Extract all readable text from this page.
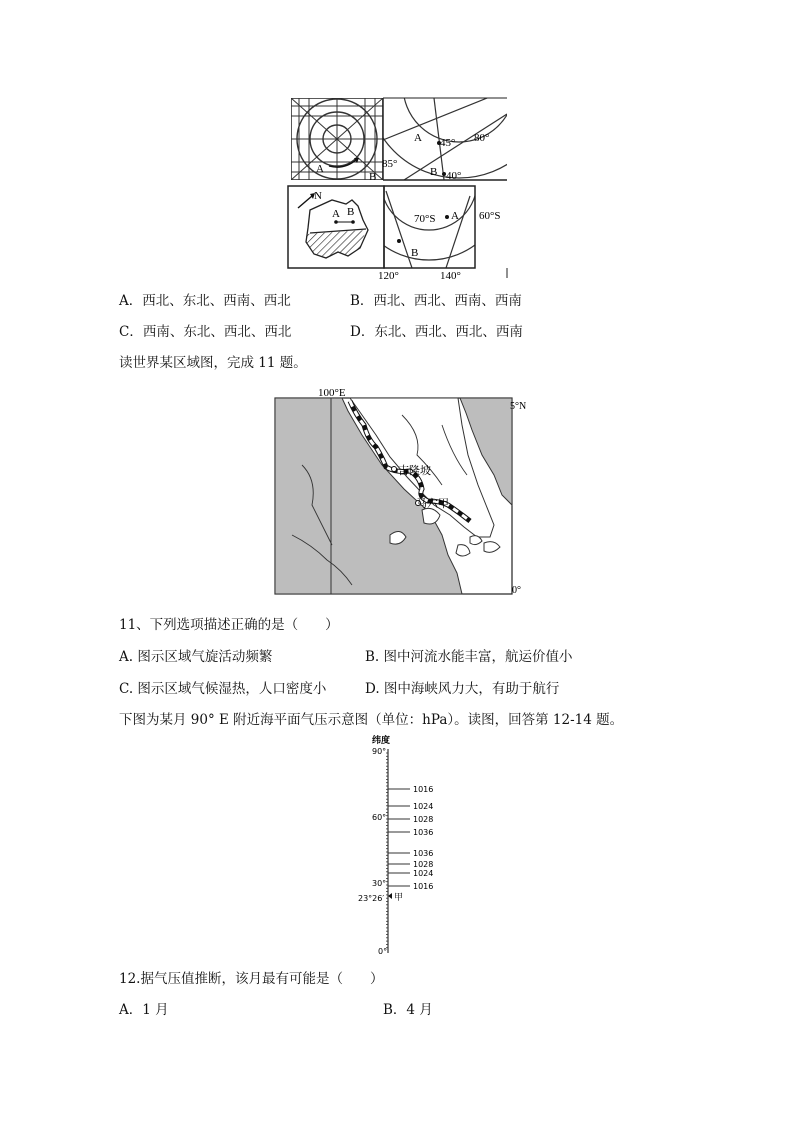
A
B
A
B
45°
40°
80°
85°
N
A B	A
B
70°S	60°S
120°	140°
A．西北、东北、西南、西北	B．西北、西北、西南、西南
C．西南、东北、西北、西北	D．东北、西北、西北、西南
读世界某区域图，完成 11 题。
吉隆坡
马六甲
100°E
5°N
0°
11、下列选项描述正确的是（　　）
A. 图示区域气旋活动频繁	B. 图中河流水能丰富，航运价值小
C. 图示区域气候湿热，人口密度小	D. 图中海峡风力大，有助于航行
下图为某月 90° E 附近海平面气压示意图（单位：hPa）。读图，回答第 12-14 题。
纬度
90°
60°
30°
23°26′
0°
1016
1024
1028
1036
1036
1028
1024
1016
甲
12.据气压值推断，该月最有可能是（　　）
A．1 月	B．4 月
